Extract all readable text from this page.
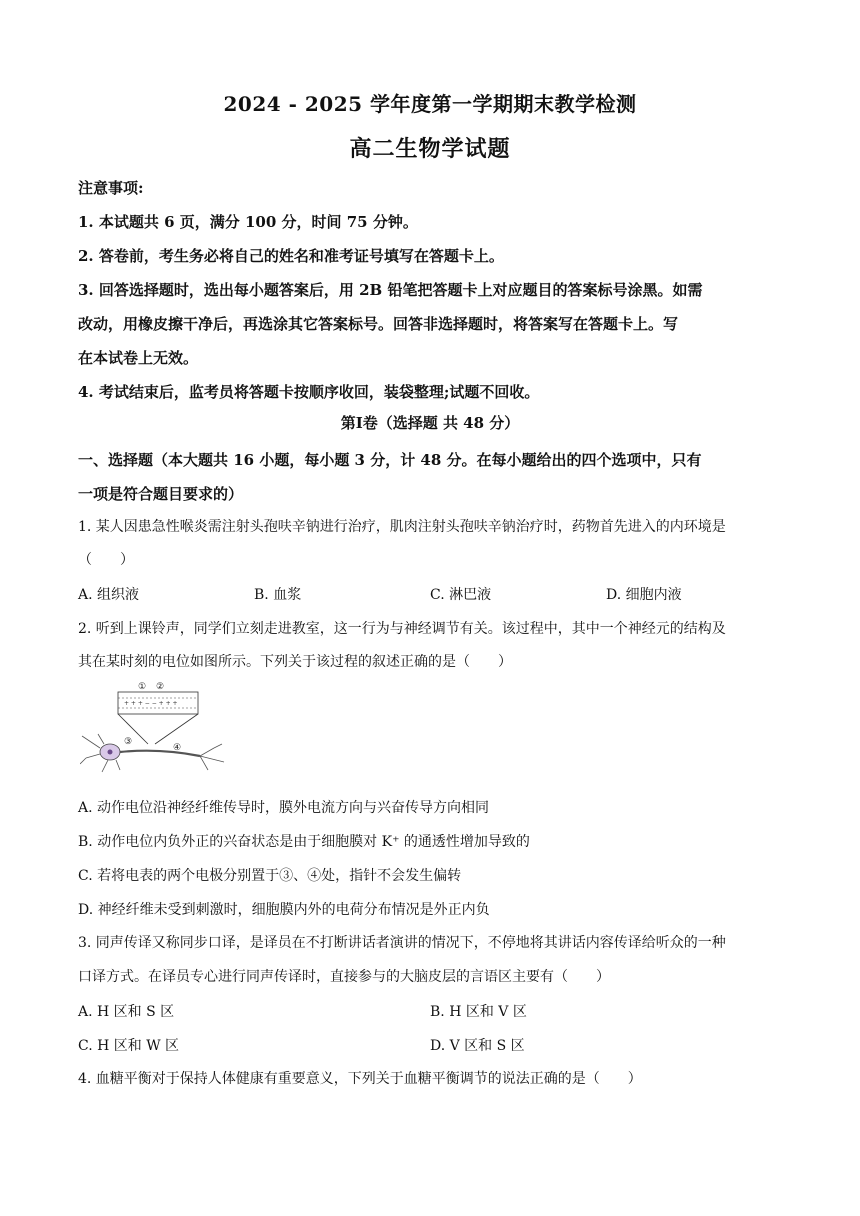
2024 - 2025 学年度第一学期期末教学检测
高二生物学试题
注意事项:
1. 本试题共 6 页，满分 100 分，时间 75 分钟。
2. 答卷前，考生务必将自己的姓名和准考证号填写在答题卡上。
3. 回答选择题时，选出每小题答案后，用 2B 铅笔把答题卡上对应题目的答案标号涂黑。如需
改动，用橡皮擦干净后，再选涂其它答案标号。回答非选择题时，将答案写在答题卡上。写
在本试卷上无效。
4. 考试结束后，监考员将答题卡按顺序收回，装袋整理;试题不回收。
第Ⅰ卷（选择题 共 48 分）
一、选择题（本大题共 16 小题，每小题 3 分，计 48 分。在每小题给出的四个选项中，只有
一项是符合题目要求的）
1. 某人因患急性喉炎需注射头孢呋辛钠进行治疗，肌肉注射头孢呋辛钠治疗时，药物首先进入的内环境是
（　　）
A. 组织液	B. 血浆	C. 淋巴液	D. 细胞内液
2. 听到上课铃声，同学们立刻走进教室，这一行为与神经调节有关。该过程中，其中一个神经元的结构及
其在某时刻的电位如图所示。下列关于该过程的叙述正确的是（　　）
+ + + − − + + +
① ②
③
④
A. 动作电位沿神经纤维传导时，膜外电流方向与兴奋传导方向相同
B. 动作电位内负外正的兴奋状态是由于细胞膜对 K⁺ 的通透性增加导致的
C. 若将电表的两个电极分别置于③、④处，指针不会发生偏转
D. 神经纤维未受到刺激时，细胞膜内外的电荷分布情况是外正内负
3. 同声传译又称同步口译，是译员在不打断讲话者演讲的情况下，不停地将其讲话内容传译给听众的一种
口译方式。在译员专心进行同声传译时，直接参与的大脑皮层的言语区主要有（　　）
A. H 区和 S 区	B. H 区和 V 区
C. H 区和 W 区	D. V 区和 S 区
4. 血糖平衡对于保持人体健康有重要意义，下列关于血糖平衡调节的说法正确的是（　　）
